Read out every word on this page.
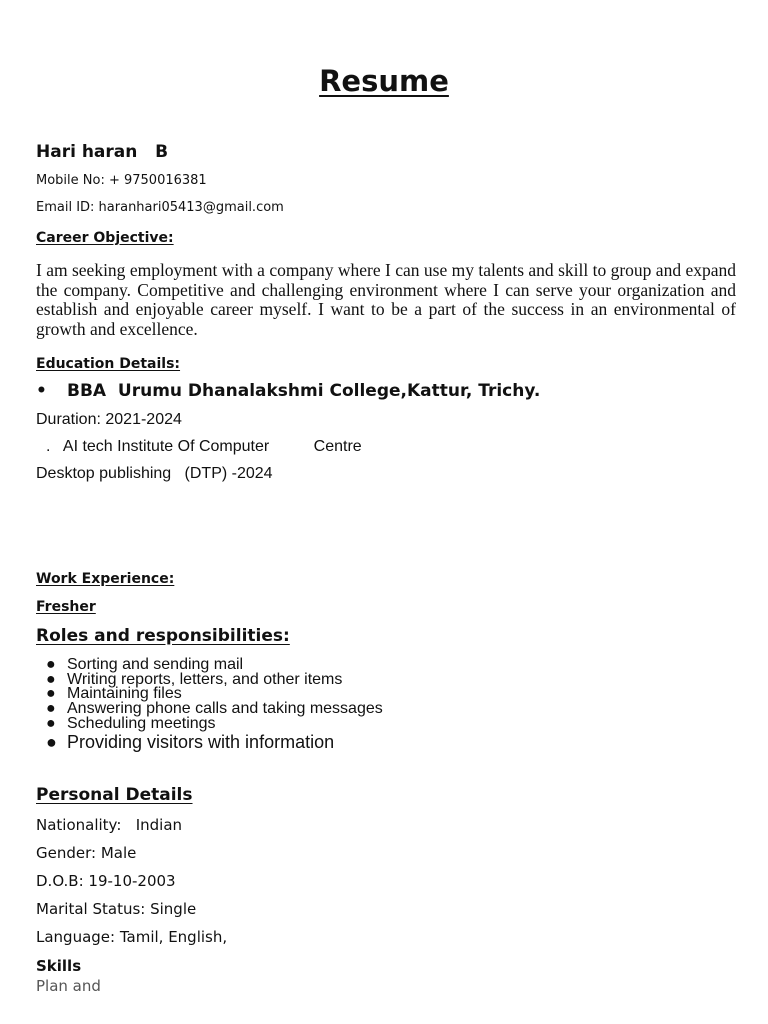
Resume
Hari haran   B
Mobile No: + 9750016381
Email ID: haranhari05413@gmail.com
Career Objective:
I am seeking employment with a company where I can use my talents and skill to group and expand the company. Competitive and challenging environment where I can serve your organization and establish and enjoyable career myself. I want to be a part of the success in an environmental of growth and excellence.
Education Details:
• BBA  Urumu Dhanalakshmi College,Kattur, Trichy.
Duration: 2021-2024
.   AI tech Institute Of Computer          Centre
Desktop publishing   (DTP) -2024
Work Experience:
Fresher
Roles and responsibilities:
● Sorting and sending mail
● Writing reports, letters, and other items
● Maintaining files
● Answering phone calls and taking messages
● Scheduling meetings
● Providing visitors with information
Personal Details
Nationality:   Indian
Gender: Male
D.O.B: 19-10-2003
Marital Status: Single
Language: Tamil, English,
Skills
Plan and
